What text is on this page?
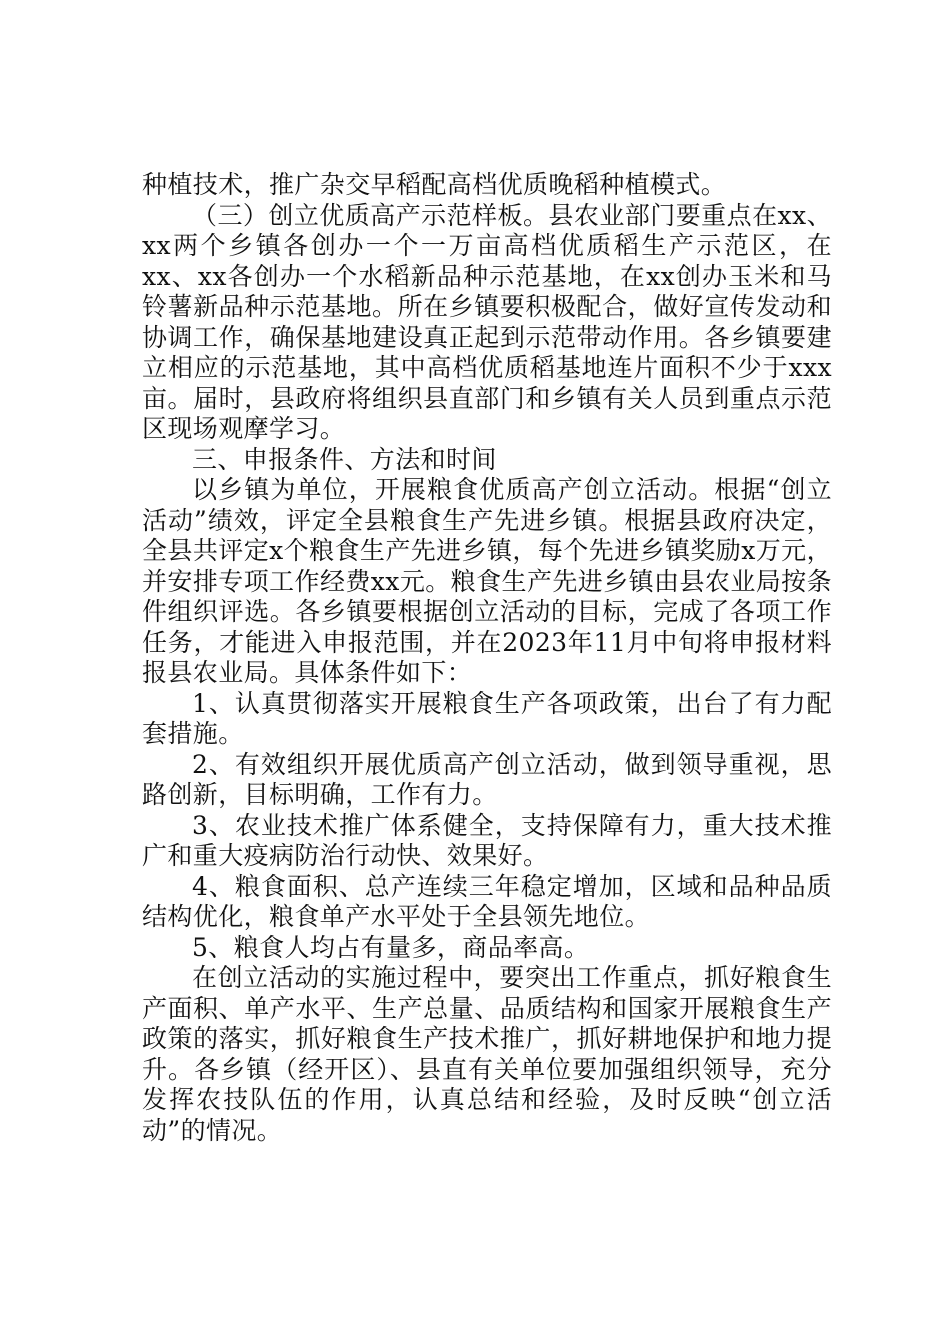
种植技术，推广杂交早稻配高档优质晚稻种植模式。

（三）创立优质高产示范样板。县农业部门要重点在xx、xx两个乡镇各创办一个一万亩高档优质稻生产示范区，在xx、xx各创办一个水稻新品种示范基地，在xx创办玉米和马铃薯新品种示范基地。所在乡镇要积极配合，做好宣传发动和协调工作，确保基地建设真正起到示范带动作用。各乡镇要建立相应的示范基地，其中高档优质稻基地连片面积不少于xxx亩。届时，县政府将组织县直部门和乡镇有关人员到重点示范区现场观摩学习。

三、申报条件、方法和时间

以乡镇为单位，开展粮食优质高产创立活动。根据“创立活动”绩效，评定全县粮食生产先进乡镇。根据县政府决定，全县共评定x个粮食生产先进乡镇，每个先进乡镇奖励x万元，并安排专项工作经费xx元。粮食生产先进乡镇由县农业局按条件组织评选。各乡镇要根据创立活动的目标，完成了各项工作任务，才能进入申报范围，并在2023年11月中旬将申报材料报县农业局。具体条件如下：

1、认真贯彻落实开展粮食生产各项政策，出台了有力配套措施。

2、有效组织开展优质高产创立活动，做到领导重视，思路创新，目标明确，工作有力。

3、农业技术推广体系健全，支持保障有力，重大技术推广和重大疫病防治行动快、效果好。

4、粮食面积、总产连续三年稳定增加，区域和品种品质结构优化，粮食单产水平处于全县领先地位。

5、粮食人均占有量多，商品率高。

在创立活动的实施过程中，要突出工作重点，抓好粮食生产面积、单产水平、生产总量、品质结构和国家开展粮食生产政策的落实，抓好粮食生产技术推广，抓好耕地保护和地力提升。各乡镇（经开区）、县直有关单位要加强组织领导，充分发挥农技队伍的作用，认真总结和经验，及时反映“创立活动”的情况。
